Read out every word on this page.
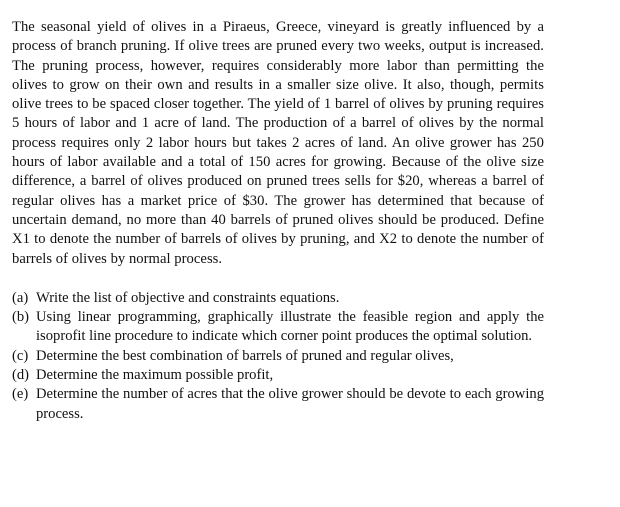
The seasonal yield of olives in a Piraeus, Greece, vineyard is greatly influenced by a process of branch pruning. If olive trees are pruned every two weeks, output is increased. The pruning process, however, requires considerably more labor than permitting the olives to grow on their own and results in a smaller size olive. It also, though, permits olive trees to be spaced closer together. The yield of 1 barrel of olives by pruning requires 5 hours of labor and 1 acre of land. The production of a barrel of olives by the normal process requires only 2 labor hours but takes 2 acres of land. An olive grower has 250 hours of labor available and a total of 150 acres for growing. Because of the olive size difference, a barrel of olives produced on pruned trees sells for $20, whereas a barrel of regular olives has a market price of $30. The grower has determined that because of uncertain demand, no more than 40 barrels of pruned olives should be produced. Define X1 to denote the number of barrels of olives by pruning, and X2 to denote the number of barrels of olives by normal process.

(a) Write the list of objective and constraints equations.
(b) Using linear programming, graphically illustrate the feasible region and apply the isoprofit line procedure to indicate which corner point produces the optimal solution.
(c) Determine the best combination of barrels of pruned and regular olives,
(d) Determine the maximum possible profit,
(e) Determine the number of acres that the olive grower should be devote to each growing process.
